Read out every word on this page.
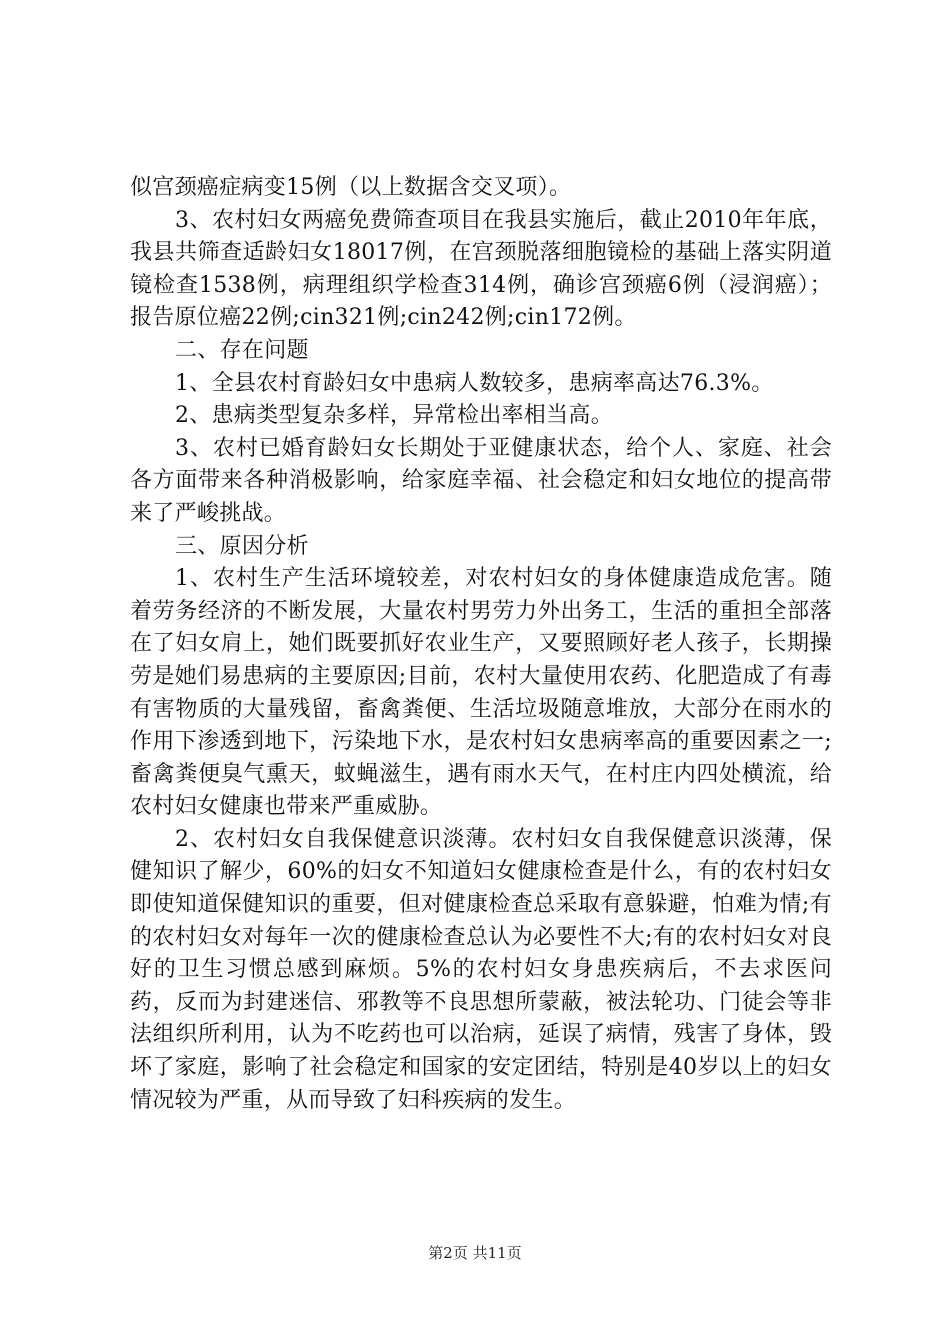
似宫颈癌症病变15例（以上数据含交叉项）。

3、农村妇女两癌免费筛查项目在我县实施后，截止2010年年底，我县共筛查适龄妇女18017例，在宫颈脱落细胞镜检的基础上落实阴道镜检查1538例，病理组织学检查314例，确诊宫颈癌6例（浸润癌）；报告原位癌22例;cin321例;cin242例;cin172例。

二、存在问题

1、全县农村育龄妇女中患病人数较多，患病率高达76.3%。

2、患病类型复杂多样，异常检出率相当高。

3、农村已婚育龄妇女长期处于亚健康状态，给个人、家庭、社会各方面带来各种消极影响，给家庭幸福、社会稳定和妇女地位的提高带来了严峻挑战。

三、原因分析

1、农村生产生活环境较差，对农村妇女的身体健康造成危害。随着劳务经济的不断发展，大量农村男劳力外出务工，生活的重担全部落在了妇女肩上，她们既要抓好农业生产，又要照顾好老人孩子，长期操劳是她们易患病的主要原因;目前，农村大量使用农药、化肥造成了有毒有害物质的大量残留，畜禽粪便、生活垃圾随意堆放，大部分在雨水的作用下渗透到地下，污染地下水，是农村妇女患病率高的重要因素之一;畜禽粪便臭气熏天，蚊蝇滋生，遇有雨水天气，在村庄内四处横流，给农村妇女健康也带来严重威胁。

2、农村妇女自我保健意识淡薄。农村妇女自我保健意识淡薄，保健知识了解少，60%的妇女不知道妇女健康检查是什么，有的农村妇女即使知道保健知识的重要，但对健康检查总采取有意躲避，怕难为情;有的农村妇女对每年一次的健康检查总认为必要性不大;有的农村妇女对良好的卫生习惯总感到麻烦。5%的农村妇女身患疾病后，不去求医问药，反而为封建迷信、邪教等不良思想所蒙蔽，被法轮功、门徒会等非法组织所利用，认为不吃药也可以治病，延误了病情，残害了身体，毁坏了家庭，影响了社会稳定和国家的安定团结，特别是40岁以上的妇女情况较为严重，从而导致了妇科疾病的发生。

第2页 共11页
